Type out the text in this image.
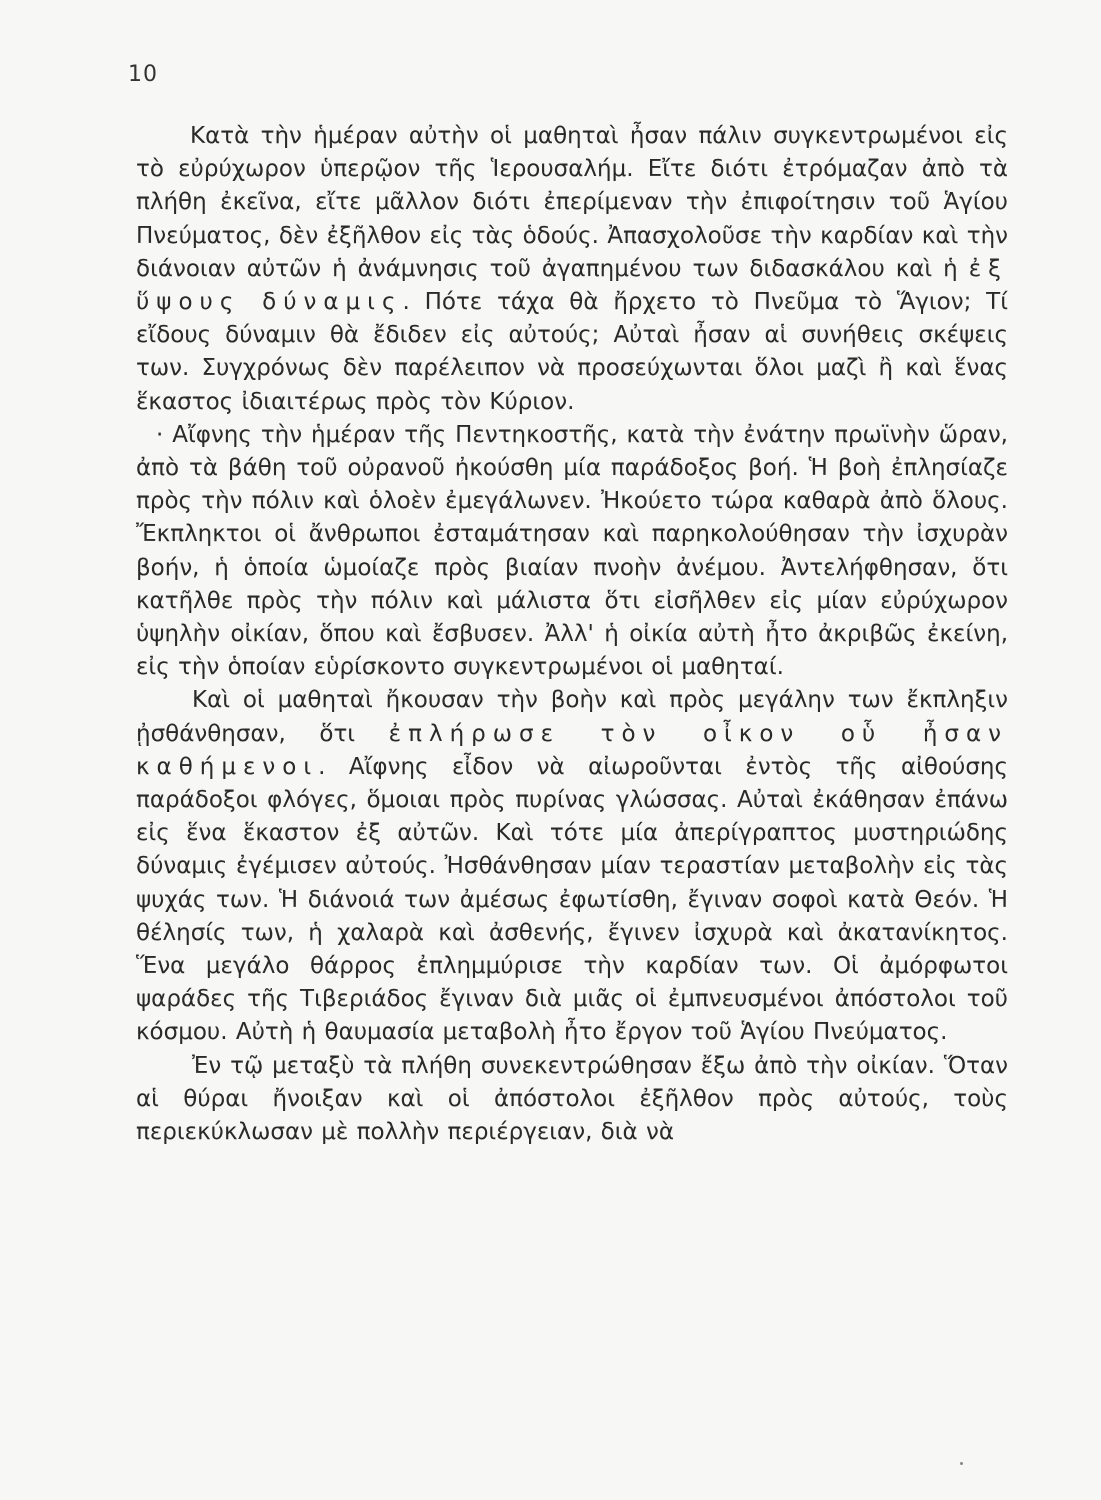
10

Κατὰ τὴν ἡμέραν αὐτὴν οἱ μαθηταὶ ἦσαν πάλιν συγκεντρωμένοι εἰς τὸ εὐρύχωρον ὑπερῷον τῆς Ἱερουσαλήμ. Εἴτε διότι ἐτρόμαζαν ἀπὸ τὰ πλήθη ἐκεῖνα, εἴτε μᾶλλον διότι ἐπερίμεναν τὴν ἐπιφοίτησιν τοῦ Ἁγίου Πνεύματος, δὲν ἐξῆλθον εἰς τὰς ὁδούς. Ἀπασχολοῦσε τὴν καρδίαν καὶ τὴν διάνοιαν αὐτῶν ἡ ἀνάμνησις τοῦ ἀγαπημένου των διδασκάλου καὶ ἡ ἐξ ὕψους δύναμις. Πότε τάχα θὰ ἤρχετο τὸ Πνεῦμα τὸ Ἅγιον; Τί εἴδους δύναμιν θὰ ἔδιδεν εἰς αὐτούς; Αὐταὶ ἦσαν αἱ συνήθεις σκέψεις των. Συγχρόνως δὲν παρέλειπον νὰ προσεύχωνται ὅλοι μαζὶ ἢ καὶ ἕνας ἕκαστος ἰδιαιτέρως πρὸς τὸν Κύριον.

· Αἴφνης τὴν ἡμέραν τῆς Πεντηκοστῆς, κατὰ τὴν ἐνάτην πρωϊνὴν ὥραν, ἀπὸ τὰ βάθη τοῦ οὐρανοῦ ἠκούσθη μία παράδοξος βοή. Ἡ βοὴ ἐπλησίαζε πρὸς τὴν πόλιν καὶ ὁλοὲν ἐμεγάλωνεν. Ἠκούετο τώρα καθαρὰ ἀπὸ ὅλους. Ἔκπληκτοι οἱ ἄνθρωποι ἐσταμάτησαν καὶ παρηκολούθησαν τὴν ἰσχυρὰν βοήν, ἡ ὁποία ὡμοίαζε πρὸς βιαίαν πνοὴν ἀνέμου. Ἀντελήφθησαν, ὅτι κατῆλθε πρὸς τὴν πόλιν καὶ μάλιστα ὅτι εἰσῆλθεν εἰς μίαν εὐρύχωρον ὑψηλὴν οἰκίαν, ὅπου καὶ ἔσβυσεν. Ἀλλ' ἡ οἰκία αὐτὴ ἦτο ἀκριβῶς ἐκείνη, εἰς τὴν ὁποίαν εὑρίσκοντο συγκεντρωμένοι οἱ μαθηταί.

Καὶ οἱ μαθηταὶ ἤκουσαν τὴν βοὴν καὶ πρὸς μεγάλην των ἔκπληξιν ᾐσθάνθησαν, ὅτι ἐπλήρωσε τὸν οἶκον οὗ ἦσαν καθήμενοι. Αἴφνης εἶδον νὰ αἰωροῦνται ἐντὸς τῆς αἰθούσης παράδοξοι φλόγες, ὅμοιαι πρὸς πυρίνας γλώσσας. Αὐταὶ ἐκάθησαν ἐπάνω εἰς ἕνα ἕκαστον ἐξ αὐτῶν. Καὶ τότε μία ἀπερίγραπτος μυστηριώδης δύναμις ἐγέμισεν αὐτούς. Ἠσθάνθησαν μίαν τεραστίαν μεταβολὴν εἰς τὰς ψυχάς των. Ἡ διάνοιά των ἀμέσως ἐφωτίσθη, ἔγιναν σοφοὶ κατὰ Θεόν. Ἡ θέλησίς των, ἡ χαλαρὰ καὶ ἀσθενής, ἔγινεν ἰσχυρὰ καὶ ἀκατανίκητος. Ἕνα μεγάλο θάρρος ἐπλημμύρισε τὴν καρδίαν των. Οἱ ἀμόρφωτοι ψαράδες τῆς Τιβεριάδος ἔγιναν διὰ μιᾶς οἱ ἐμπνευσμένοι ἀπόστολοι τοῦ κόσμου. Αὐτὴ ἡ θαυμασία μεταβολὴ ἦτο ἔργον τοῦ Ἁγίου Πνεύματος.

Ἐν τῷ μεταξὺ τὰ πλήθη συνεκεντρώθησαν ἔξω ἀπὸ τὴν οἰκίαν. Ὅταν αἱ θύραι ἤνοιξαν καὶ οἱ ἀπόστολοι ἐξῆλθον πρὸς αὐτούς, τοὺς περιεκύκλωσαν μὲ πολλὴν περιέργειαν, διὰ νὰ
